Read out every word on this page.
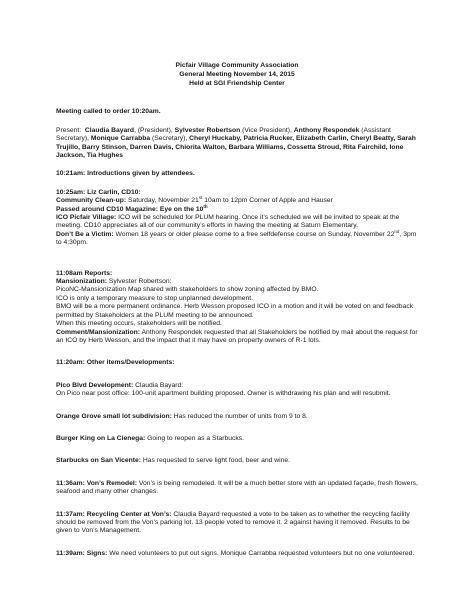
Picfair Village Community Association
General Meeting November 14, 2015
Held at SGI Friendship Center

Meeting called to order 10:20am.

Present: Claudia Bayard, (President), Sylvester Robertson (Vice President), Anthony Respondek (Assistant Secretary), Monique Carrabba (Secretary), Cheryl Huckaby, Patricia Rucker, Elizabeth Carlin, Cheryl Beatty, Sarah Trujillo, Barry Stinson, Darren Davis, Chiorita Walton, Barbara Williams, Cossetta Stroud, Rita Fairchild, Ione Jackson, Tia Hughes

10:21am: Introductions given by attendees.

10:25am: Liz Carlin, CD10:

Community Clean-up: Saturday, November 21st 10am to 12pm Corner of Apple and Hauser

Passed around CD10 Magazine: Eye on the 10th

ICO Picfair Village: ICO will be scheduled for PLUM hearing. Once it’s scheduled we will be invited to speak at the meeting. CD10 appreciates all of our community’s efforts in having the meeting at Saturn Elementary.

Don’t Be a Victim: Women 18 years or older please come to a free selfdefense course on Sunday, November 22nd, 3pm to 4:30pm.

11:08am Reports:

Mansionization: Sylvester Robertson:

PicoNC-Mansionization Map shared with stakeholders to show zoning affected by BMO.

ICO is only a temporary measure to stop unplanned development.

BMO will be a more permanent ordinance. Herb Wesson proposed ICO in a motion and it will be voted on and feedback permitted by Stakeholders at the PLUM meeting to be announced.

When this meeting occurs, stakeholders will be notified.

Comment/Mansionization: Anthony Respondek requested that all Stakeholders be notified by mail about the request for an ICO by Herb Wesson, and the impact that it may have on property owners of R-1 lots.

11:20am: Other items/Developments:

Pico Blvd Development: Claudia Bayard:

On Pico near post office: 100-unit apartment building proposed. Owner is withdrawing his plan and will resubmit.

Orange Grove small lot subdivision: Has reduced the number of units from 9 to 8.

Burger King on La Cienega: Going to reopen as a Starbucks.

Starbucks on San Vicente: Has requested to serve light food, beer and wine.

11:36am: Von’s Remodel: Von’s is being remodeled. It will be a much better store with an updated façade, fresh flowers, seafood and many other changes.

11:37am: Recycling Center at Von’s: Claudia Bayard requested a vote to be taken as to whether the recycling facility should be removed from the Von’s parking lot. 13 people voted to remove it. 2 against having it removed. Results to be given to Von’s Management.

11:39am: Signs: We need volunteers to put out signs. Monique Carrabba requested volunteers but no one volunteered.
